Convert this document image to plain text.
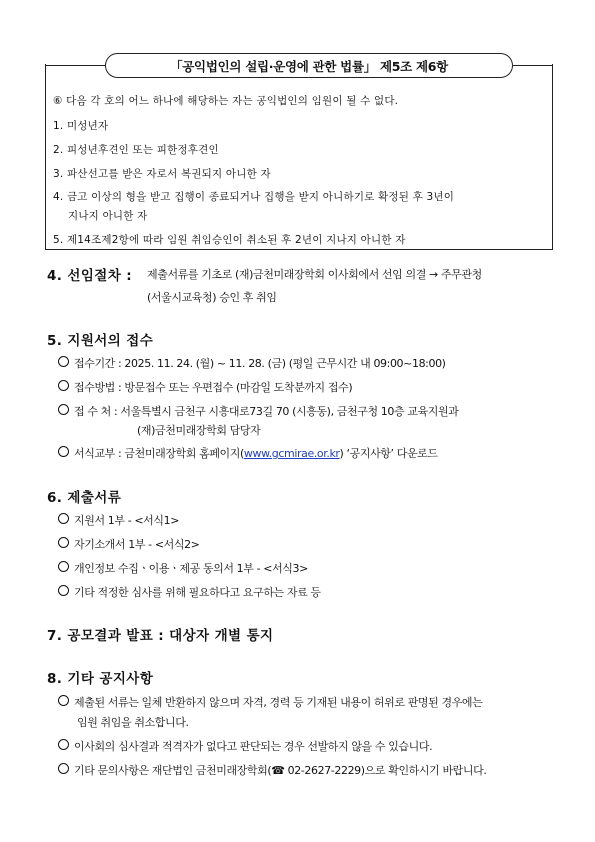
「공익법인의 설립·운영에 관한 법률」 제5조 제6항
⑥ 다음 각 호의 어느 하나에 해당하는 자는 공익법인의 임원이 될 수 없다.
1. 미성년자
2. 피성년후견인 또는 피한정후견인
3. 파산선고를 받은 자로서 복권되지 아니한 자
4. 금고 이상의 형을 받고 집행이 종료되거나 집행을 받지 아니하기로 확정된 후 3년이
지나지 아니한 자
5. 제14조제2항에 따라 임원 취임승인이 취소된 후 2년이 지나지 아니한 자
4. 선임절차 : 제출서류를 기초로 (재)금천미래장학회 이사회에서 선임 의결 → 주무관청
(서울시교육청) 승인 후 취임
5. 지원서의 접수
접수기간 :
2025. 11. 24. (월) ~ 11. 28. (금) (평일 근무시간 내 09:00~18:00)
접수방법 :
방문접수 또는 우편접수 (마감일 도착분까지 접수)
접 수 처 :
서울특별시 금천구 시흥대로73길 70 (시흥동), 금천구청 10층 교육지원과
(재)금천미래장학회 담당자
서식교부 :
금천미래장학회 홈페이지( www.gcmirae.or.kr ) ‘공지사항’ 다운로드
6. 제출서류
지원서 1부 - <서식1>
자기소개서 1부 - <서식2>
개인정보 수집ㆍ이용ㆍ제공 동의서 1부 - <서식3>
기타 적정한 심사를 위해 필요하다고 요구하는 자료 등
7. 공모결과 발표 : 대상자 개별 통지
8. 기타 공지사항
제출된 서류는 일체 반환하지 않으며 자격, 경력 등 기재된 내용이 허위로 판명된 경우에는
임원 취임을 취소합니다.
이사회의 심사결과 적격자가 없다고 판단되는 경우 선발하지 않을 수 있습니다.
기타 문의사항은 재단법인 금천미래장학회( ☎ 02-2627-2229 )으로 확인하시기 바랍니다.
